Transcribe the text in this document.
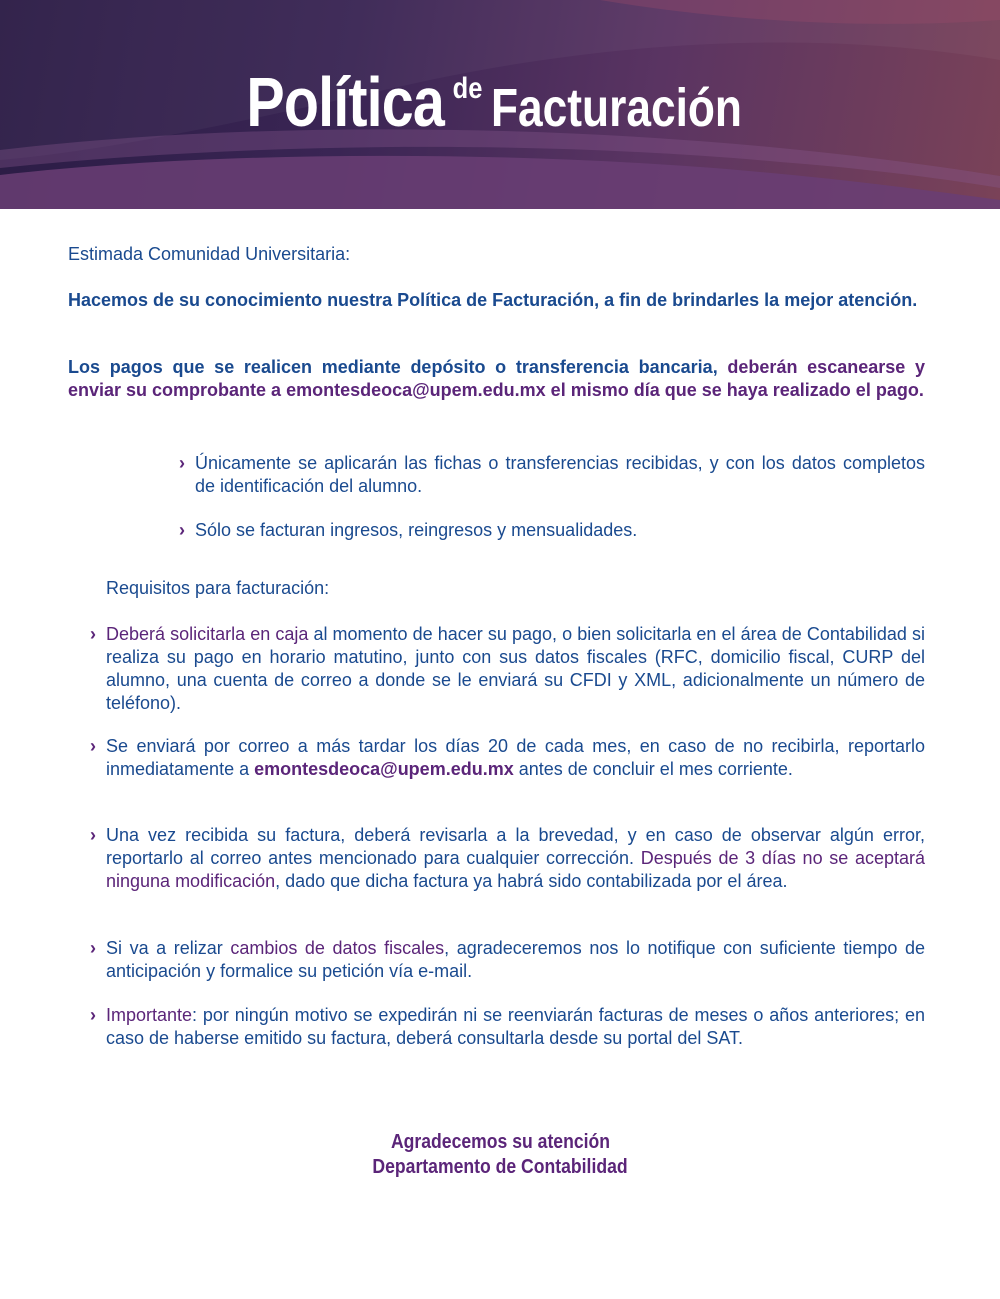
Política de Facturación

Estimada Comunidad Universitaria:

Hacemos de su conocimiento nuestra Política de Facturación, a fin de brindarles la mejor atención.

Los pagos que se realicen mediante depósito o transferencia bancaria, deberán escanearse y enviar su comprobante a emontesdeoca@upem.edu.mx el mismo día que se haya realizado el pago.

› Únicamente se aplicarán las fichas o transferencias recibidas, y con los datos completos de identificación del alumno.
› Sólo se facturan ingresos, reingresos y mensualidades.

Requisitos para facturación:

› Deberá solicitarla en caja al momento de hacer su pago, o bien solicitarla en el área de Contabilidad si realiza su pago en horario matutino, junto con sus datos fiscales (RFC, domicilio fiscal, CURP del alumno, una cuenta de correo a donde se le enviará su CFDI y XML, adicionalmente un número de teléfono).
› Se enviará por correo a más tardar los días 20 de cada mes, en caso de no recibirla, reportarlo inmediatamente a emontesdeoca@upem.edu.mx antes de concluir el mes corriente.
› Una vez recibida su factura, deberá revisarla a la brevedad, y en caso de observar algún error, reportarlo al correo antes mencionado para cualquier corrección. Después de 3 días no se aceptará ninguna modificación, dado que dicha factura ya habrá sido contabilizada por el área.
› Si va a relizar cambios de datos fiscales, agradeceremos nos lo notifique con suficiente tiempo de anticipación y formalice su petición vía e-mail.
› Importante: por ningún motivo se expedirán ni se reenviarán facturas de meses o años anteriores; en caso de haberse emitido su factura, deberá consultarla desde su portal del SAT.
Agradecemos su atención
Departamento de Contabilidad
